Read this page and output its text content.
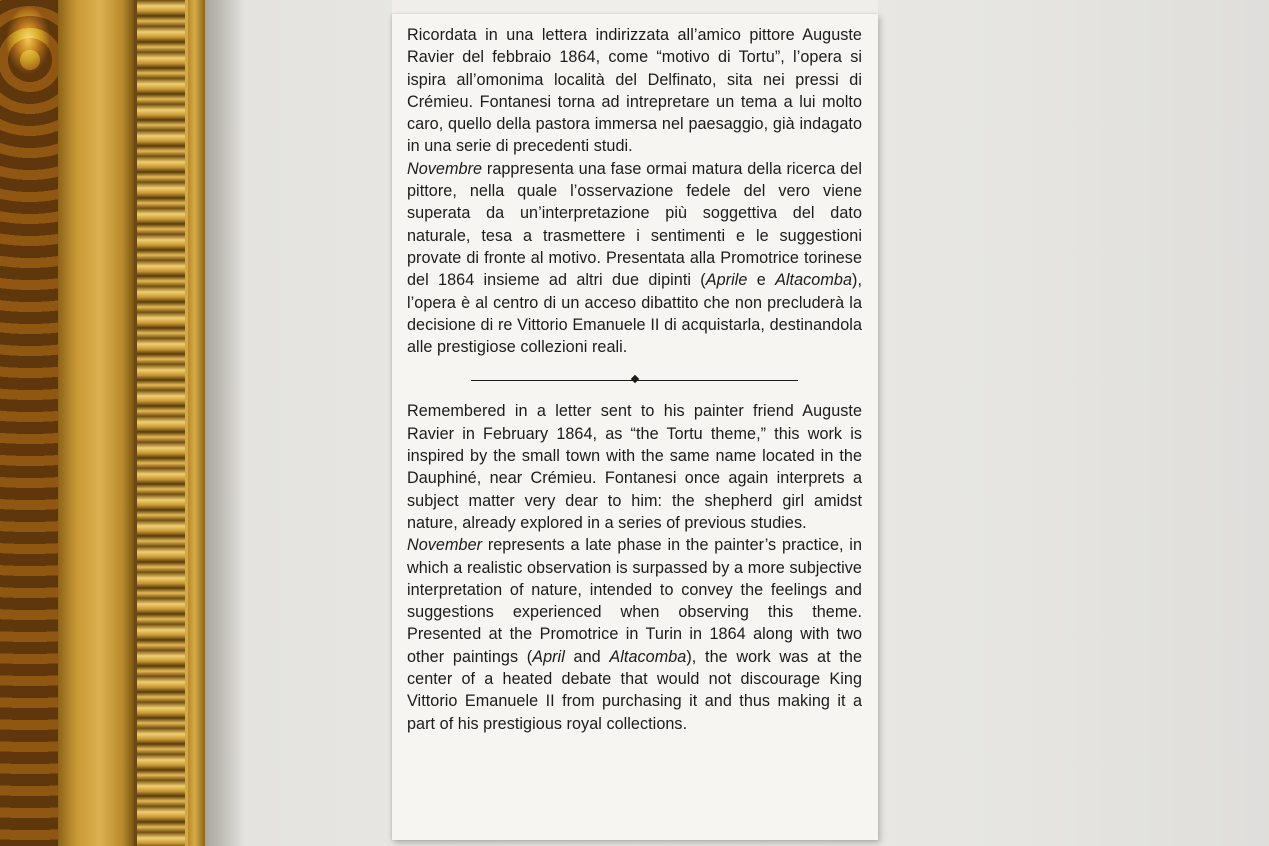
Ricordata in una lettera indirizzata all’amico pittore Auguste Ravier del febbraio 1864, come “motivo di Tortu”, l’opera si ispira all’omonima località del Delfinato, sita nei pressi di Crémieu. Fontanesi torna ad intrepretare un tema a lui molto caro, quello della pastora immersa nel paesaggio, già indagato in una serie di precedenti studi.

Novembre rappresenta una fase ormai matura della ricerca del pittore, nella quale l’osservazione fedele del vero viene superata da un’interpretazione più soggettiva del dato naturale, tesa a trasmettere i sentimenti e le suggestioni provate di fronte al motivo. Presentata alla Promotrice torinese del 1864 insieme ad altri due dipinti (Aprile e Altacomba), l’opera è al centro di un acceso dibattito che non precluderà la decisione di re Vittorio Emanuele II di acquistarla, destinandola alle prestigiose collezioni reali.

Remembered in a letter sent to his painter friend Auguste Ravier in February 1864, as “the Tortu theme,” this work is inspired by the small town with the same name located in the Dauphiné, near Crémieu. Fontanesi once again interprets a subject matter very dear to him: the shepherd girl amidst nature, already explored in a series of previous studies.

November represents a late phase in the painter’s practice, in which a realistic observation is surpassed by a more subjective interpretation of nature, intended to convey the feelings and suggestions experienced when observing this theme. Presented at the Promotrice in Turin in 1864 along with two other paintings (April and Altacomba), the work was at the center of a heated debate that would not discourage King Vittorio Emanuele II from purchasing it and thus making it a part of his prestigious royal collections.
